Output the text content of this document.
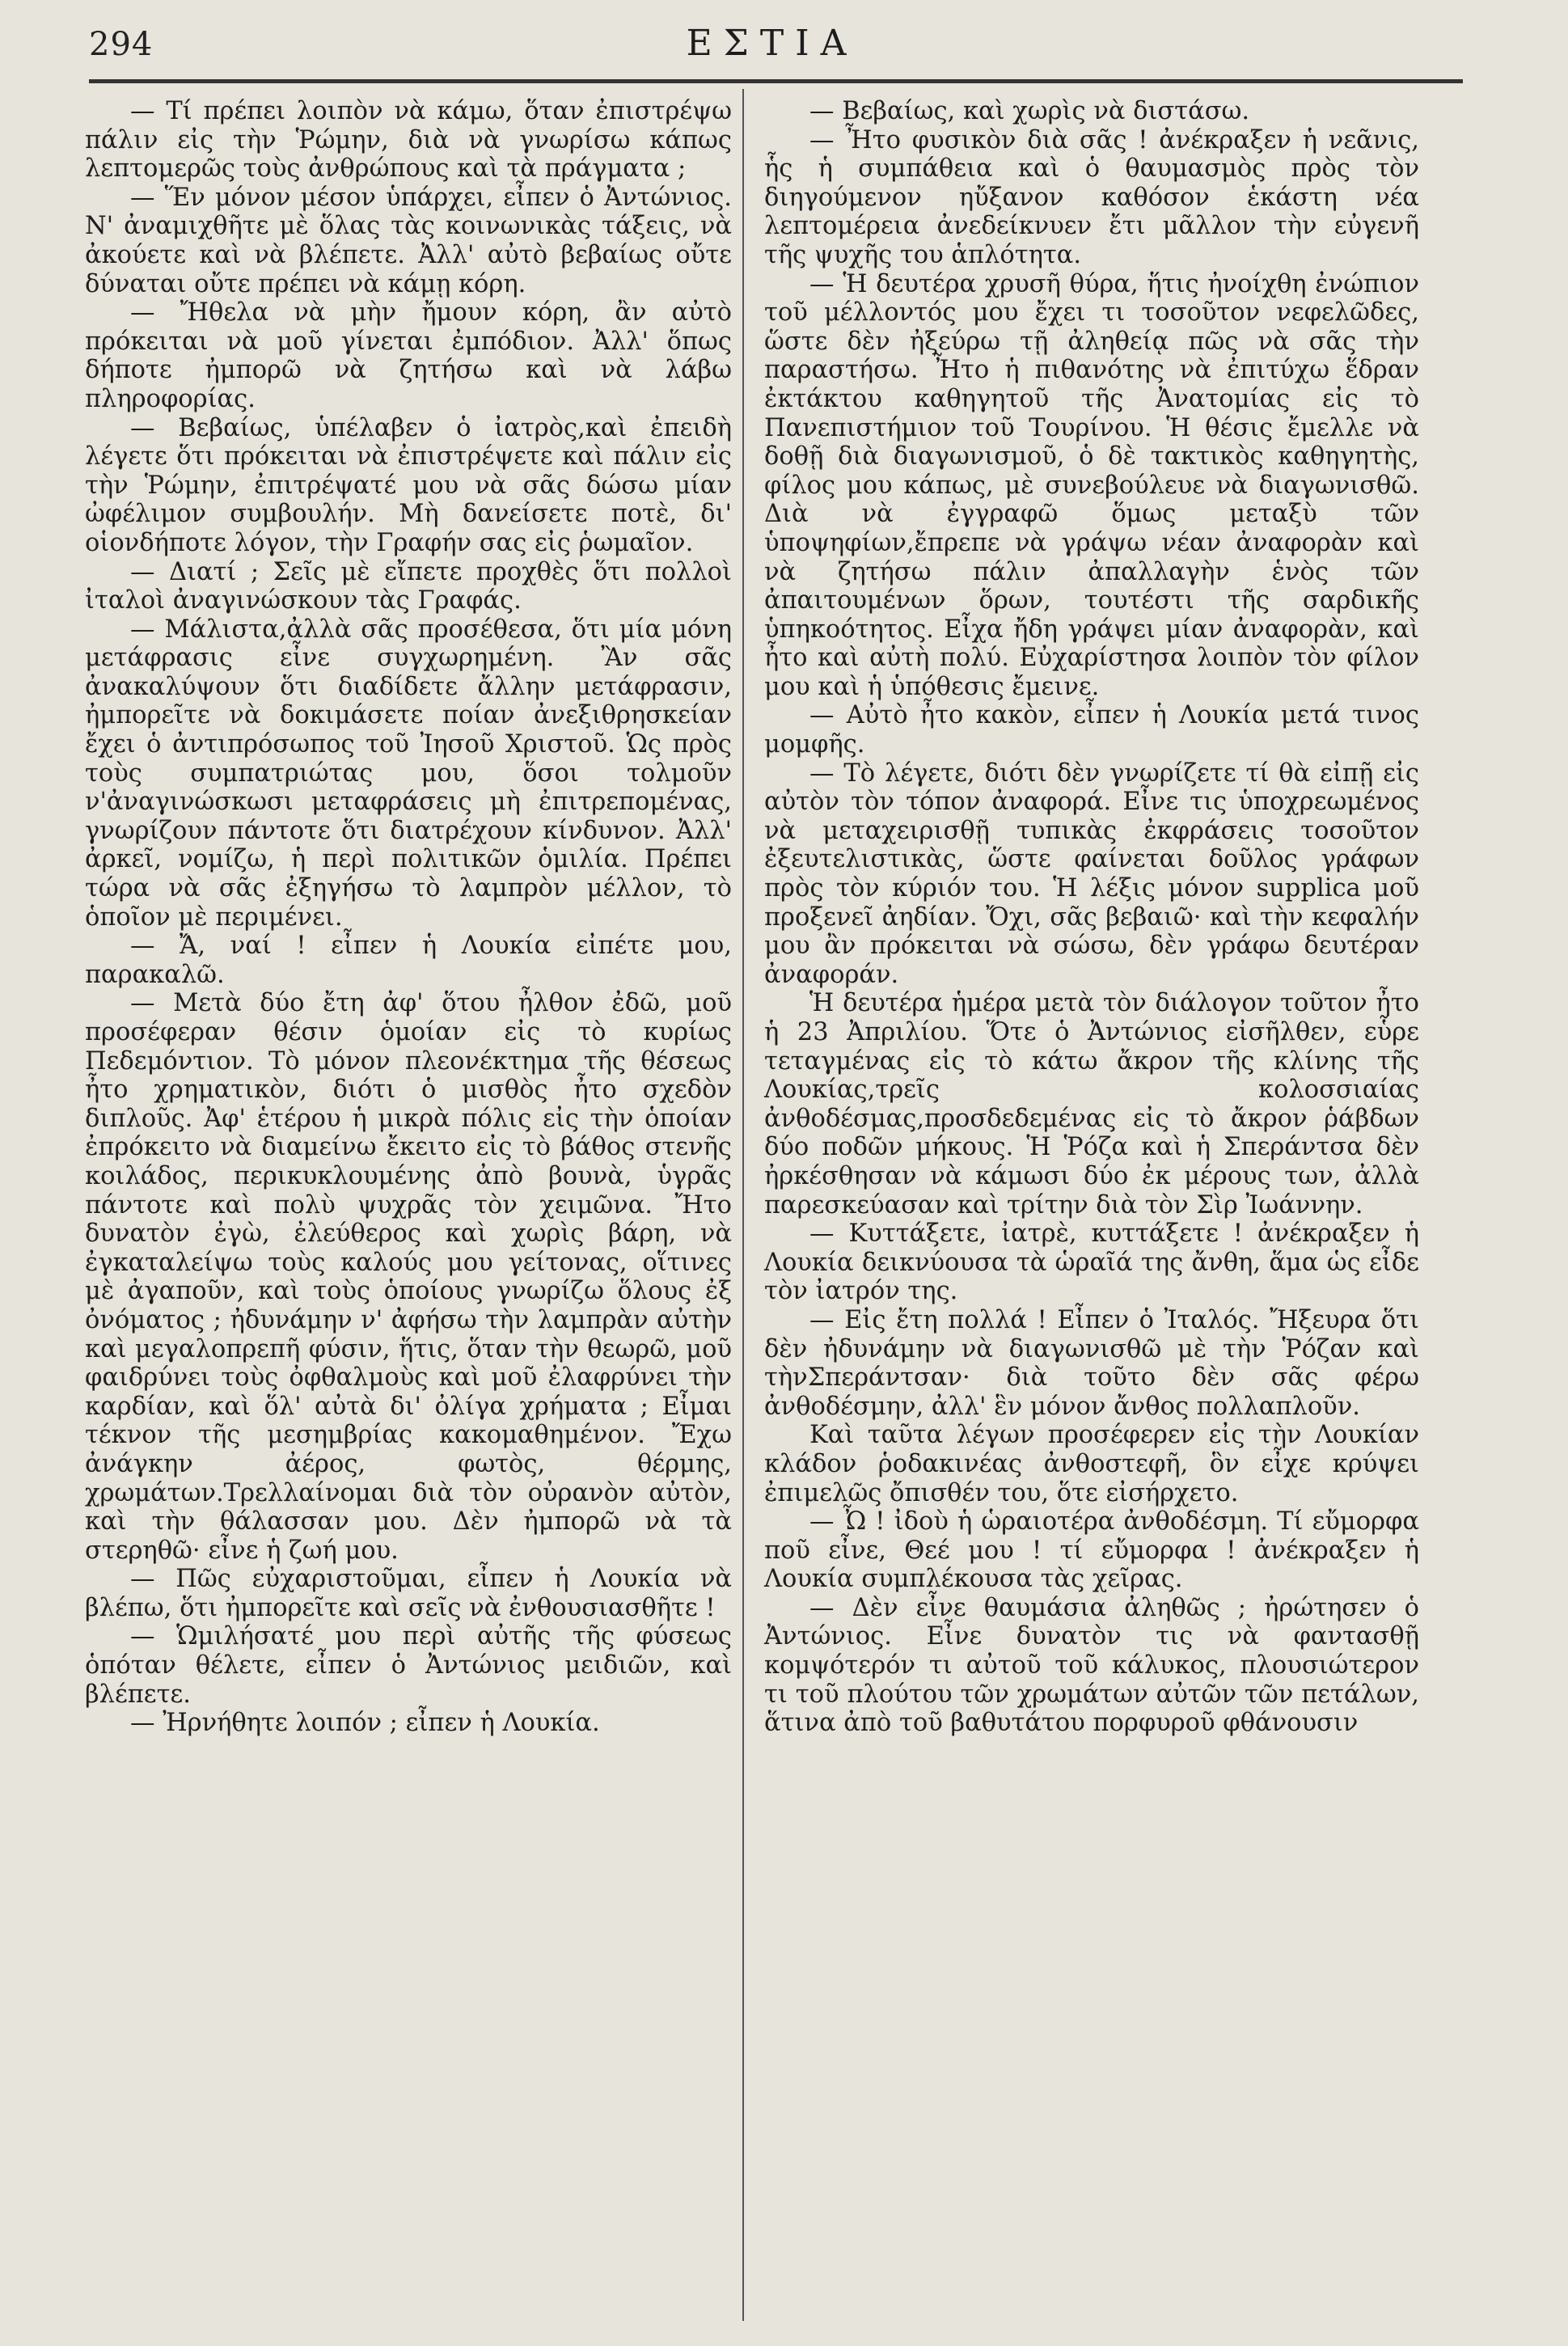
294	ΕΣΤΙΑ

— Τί πρέπει λοιπὸν νὰ κάμω, ὅταν ἐπιστρέψω πάλιν εἰς τὴν Ῥώμην, διὰ νὰ γνωρίσω κάπως λεπτομερῶς τοὺς ἀνθρώπους καὶ τὰ πράγματα ;

— Ἕν μόνον μέσον ὑπάρχει, εἶπεν ὁ Ἀντώνιος. Ν' ἀναμιχθῆτε μὲ ὅλας τὰς κοινωνικὰς τάξεις, νὰ ἀκούετε καὶ νὰ βλέπετε. Ἀλλ' αὐτὸ βεβαίως οὔτε δύναται οὔτε πρέπει νὰ κάμῃ κόρη.

— Ἤθελα νὰ μὴν ἤμουν κόρη, ἂν αὐτὸ πρόκειται νὰ μοῦ γίνεται ἐμπόδιον. Ἀλλ' ὅπως δήποτε ἠμπορῶ νὰ ζητήσω καὶ νὰ λάβω πληροφορίας.

— Βεβαίως, ὑπέλαβεν ὁ ἰατρὸς,καὶ ἐπειδὴ λέγετε ὅτι πρόκειται νὰ ἐπιστρέψετε καὶ πάλιν εἰς τὴν Ῥώμην, ἐπιτρέψατέ μου νὰ σᾶς δώσω μίαν ὠφέλιμον συμβουλήν. Μὴ δανείσετε ποτὲ, δι' οἱονδήποτε λόγον, τὴν Γραφήν σας εἰς ῥωμαῖον.

— Διατί ; Σεῖς μὲ εἴπετε προχθὲς ὅτι πολλοὶ ἰταλοὶ ἀναγινώσκουν τὰς Γραφάς.

— Μάλιστα,ἀλλὰ σᾶς προσέθεσα, ὅτι μία μόνη μετάφρασις εἶνε συγχωρημένη. Ἂν σᾶς ἀνακαλύψουν ὅτι διαδίδετε ἄλλην μετάφρασιν, ἠμπορεῖτε νὰ δοκιμάσετε ποίαν ἀνεξιθρησκείαν ἔχει ὁ ἀντιπρόσωπος τοῦ Ἰησοῦ Χριστοῦ. Ὡς πρὸς τοὺς συμπατριώτας μου, ὅσοι τολμοῦν ν'ἀναγινώσκωσι μεταφράσεις μὴ ἐπιτρεπομένας, γνωρίζουν πάντοτε ὅτι διατρέχουν κίνδυνον. Ἀλλ' ἀρκεῖ, νομίζω, ἡ περὶ πολιτικῶν ὁμιλία. Πρέπει τώρα νὰ σᾶς ἐξηγήσω τὸ λαμπρὸν μέλλον, τὸ ὁποῖον μὲ περιμένει.

— Ἄ, ναί ! εἶπεν ἡ Λουκία εἰπέτε μου, παρακαλῶ.

— Μετὰ δύο ἔτη ἀφ' ὅτου ἦλθον ἐδῶ, μοῦ προσέφεραν θέσιν ὁμοίαν εἰς τὸ κυρίως Πεδεμόντιον. Τὸ μόνον πλεονέκτημα τῆς θέσεως ἦτο χρηματικὸν, διότι ὁ μισθὸς ἦτο σχεδὸν διπλοῦς. Ἀφ' ἑτέρου ἡ μικρὰ πόλις εἰς τὴν ὁποίαν ἐπρόκειτο νὰ διαμείνω ἔκειτο εἰς τὸ βάθος στενῆς κοιλάδος, περικυκλουμένης ἀπὸ βουνὰ, ὑγρᾶς πάντοτε καὶ πολὺ ψυχρᾶς τὸν χειμῶνα. Ἤτο δυνατὸν ἐγὼ, ἐλεύθερος καὶ χωρὶς βάρη, νὰ ἐγκαταλείψω τοὺς καλούς μου γείτονας, οἵτινες μὲ ἀγαποῦν, καὶ τοὺς ὁποίους γνωρίζω ὅλους ἐξ ὀνόματος ; ἠδυνάμην ν' ἀφήσω τὴν λαμπρὰν αὐτὴν καὶ μεγαλοπρεπῆ φύσιν, ἥτις, ὅταν τὴν θεωρῶ, μοῦ φαιδρύνει τοὺς ὀφθαλμοὺς καὶ μοῦ ἐλαφρύνει τὴν καρδίαν, καὶ ὅλ' αὐτὰ δι' ὀλίγα χρήματα ; Εἶμαι τέκνον τῆς μεσημβρίας κακομαθημένον. Ἔχω ἀνάγκην ἀέρος, φωτὸς, θέρμης, χρωμάτων.Τρελλαίνομαι διὰ τὸν οὐρανὸν αὐτὸν, καὶ τὴν θάλασσαν μου. Δὲν ἠμπορῶ νὰ τὰ στερηθῶ· εἶνε ἡ ζωή μου.

— Πῶς εὐχαριστοῦμαι, εἶπεν ἡ Λουκία νὰ βλέπω, ὅτι ἠμπορεῖτε καὶ σεῖς νὰ ἐνθουσιασθῆτε !

— Ὡμιλήσατέ μου περὶ αὐτῆς τῆς φύσεως ὁπόταν θέλετε, εἶπεν ὁ Ἀντώνιος μειδιῶν, καὶ βλέπετε.

— Ἠρνήθητε λοιπόν ; εἶπεν ἡ Λουκία.

— Βεβαίως, καὶ χωρὶς νὰ διστάσω.

— Ἦτο φυσικὸν διὰ σᾶς ! ἀνέκραξεν ἡ νεᾶνις, ἧς ἡ συμπάθεια καὶ ὁ θαυμασμὸς πρὸς τὸν διηγούμενον ηὔξανον καθόσον ἑκάστη νέα λεπτομέρεια ἀνεδείκνυεν ἔτι μᾶλλον τὴν εὐγενῆ τῆς ψυχῆς του ἁπλότητα.

— Ἡ δευτέρα χρυσῆ θύρα, ἥτις ἠνοίχθη ἐνώπιον τοῦ μέλλοντός μου ἔχει τι τοσοῦτον νεφελῶδες, ὥστε δὲν ἠξεύρω τῇ ἀληθείᾳ πῶς νὰ σᾶς τὴν παραστήσω. Ἦτο ἡ πιθανότης νὰ ἐπιτύχω ἕδραν ἐκτάκτου καθηγητοῦ τῆς Ἀνατομίας εἰς τὸ Πανεπιστήμιον τοῦ Τουρίνου. Ἡ θέσις ἔμελλε νὰ δοθῇ διὰ διαγωνισμοῦ, ὁ δὲ τακτικὸς καθηγητὴς, φίλος μου κάπως, μὲ συνεβούλευε νὰ διαγωνισθῶ. Διὰ νὰ ἐγγραφῶ ὅμως μεταξὺ τῶν ὑποψηφίων,ἔπρεπε νὰ γράψω νέαν ἀναφορὰν καὶ νὰ ζητήσω πάλιν ἀπαλλαγὴν ἑνὸς τῶν ἀπαιτουμένων ὅρων, τουτέστι τῆς σαρδικῆς ὑπηκοότητος. Εἶχα ἤδη γράψει μίαν ἀναφορὰν, καὶ ἦτο καὶ αὐτὴ πολύ. Εὐχαρίστησα λοιπὸν τὸν φίλον μου καὶ ἡ ὑπόθεσις ἔμεινε.

— Αὐτὸ ἦτο κακὸν, εἶπεν ἡ Λουκία μετά τινος μομφῆς.

— Τὸ λέγετε, διότι δὲν γνωρίζετε τί θὰ εἰπῇ εἰς αὐτὸν τὸν τόπον ἀναφορά. Εἶνε τις ὑποχρεωμένος νὰ μεταχειρισθῇ τυπικὰς ἐκφράσεις τοσοῦτον ἐξευτελιστικὰς, ὥστε φαίνεται δοῦλος γράφων πρὸς τὸν κύριόν του. Ἡ λέξις μόνον supplica μοῦ προξενεῖ ἀηδίαν. Ὄχι, σᾶς βεβαιῶ· καὶ τὴν κεφαλήν μου ἂν πρόκειται νὰ σώσω, δὲν γράφω δευτέραν ἀναφοράν.

Ἡ δευτέρα ἡμέρα μετὰ τὸν διάλογον τοῦτον ἦτο ἡ 23 Ἀπριλίου. Ὅτε ὁ Ἀντώνιος εἰσῆλθεν, εὗρε τεταγμένας εἰς τὸ κάτω ἄκρον τῆς κλίνης τῆς Λουκίας,τρεῖς κολοσσιαίας ἀνθοδέσμας,προσδεδεμένας εἰς τὸ ἄκρον ῥάβδων δύο ποδῶν μήκους. Ἡ Ῥόζα καὶ ἡ Σπεράντσα δὲν ἠρκέσθησαν νὰ κάμωσι δύο ἐκ μέρους των, ἀλλὰ παρεσκεύασαν καὶ τρίτην διὰ τὸν Σὶρ Ἰωάννην.

— Κυττάξετε, ἰατρὲ, κυττάξετε ! ἀνέκραξεν ἡ Λουκία δεικνύουσα τὰ ὡραῖά της ἄνθη, ἅμα ὡς εἶδε τὸν ἰατρόν της.

— Εἰς ἔτη πολλά ! Εἶπεν ὁ Ἰταλός. Ἤξευρα ὅτι δὲν ἠδυνάμην νὰ διαγωνισθῶ μὲ τὴν Ῥόζαν καὶ τὴνΣπεράντσαν· διὰ τοῦτο δὲν σᾶς φέρω ἀνθοδέσμην, ἀλλ' ἓν μόνον ἄνθος πολλαπλοῦν.

Καὶ ταῦτα λέγων προσέφερεν εἰς τὴν Λουκίαν κλάδον ῥοδακινέας ἀνθοστεφῆ, ὃν εἶχε κρύψει ἐπιμελῶς ὄπισθέν του, ὅτε εἰσήρχετο.

— Ὦ ! ἰδοὺ ἡ ὡραιοτέρα ἀνθοδέσμη. Τί εὔμορφα ποῦ εἶνε, Θεέ μου ! τί εὔμορφα ! ἀνέκραξεν ἡ Λουκία συμπλέκουσα τὰς χεῖρας.

— Δὲν εἶνε θαυμάσια ἀληθῶς ; ἠρώτησεν ὁ Ἀντώνιος. Εἶνε δυνατὸν τις νὰ φαντασθῇ κομψότερόν τι αὐτοῦ τοῦ κάλυκος, πλουσιώτερον τι τοῦ πλούτου τῶν χρωμάτων αὐτῶν τῶν πετάλων, ἅτινα ἀπὸ τοῦ βαθυτάτου πορφυροῦ φθάνουσιν
